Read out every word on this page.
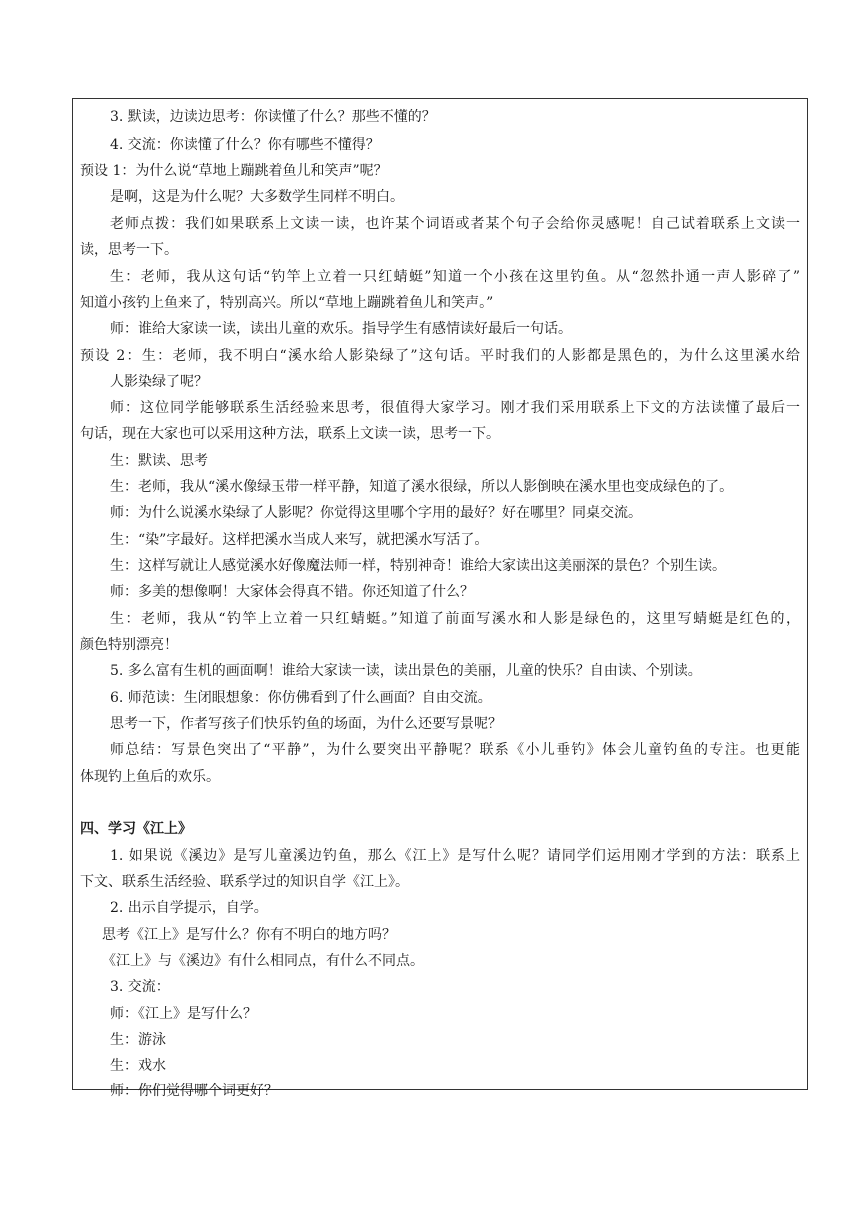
3. 默读，边读边思考：你读懂了什么？那些不懂的？
4. 交流：你读懂了什么？你有哪些不懂得？
预设 1：为什么说“草地上蹦跳着鱼儿和笑声”呢？
是啊，这是为什么呢？大多数学生同样不明白。
老师点拨：我们如果联系上文读一读，也许某个词语或者某个句子会给你灵感呢！自己试着联系上文读一
读，思考一下。
生：老师，我从这句话“钓竿上立着一只红蜻蜓”知道一个小孩在这里钓鱼。从“忽然扑通一声人影碎了”
知道小孩钓上鱼来了，特别高兴。所以“草地上蹦跳着鱼儿和笑声。”
师：谁给大家读一读，读出儿童的欢乐。指导学生有感情读好最后一句话。
预设 2：生：老师，我不明白“溪水给人影染绿了”这句话。平时我们的人影都是黑色的，为什么这里溪水给
人影染绿了呢？
师：这位同学能够联系生活经验来思考，很值得大家学习。刚才我们采用联系上下文的方法读懂了最后一
句话，现在大家也可以采用这种方法，联系上文读一读，思考一下。
生：默读、思考
生：老师，我从“溪水像绿玉带一样平静，知道了溪水很绿，所以人影倒映在溪水里也变成绿色的了。
师：为什么说溪水染绿了人影呢？你觉得这里哪个字用的最好？好在哪里？同桌交流。
生：“染”字最好。这样把溪水当成人来写，就把溪水写活了。
生：这样写就让人感觉溪水好像魔法师一样，特别神奇！谁给大家读出这美丽深的景色？个别生读。
师：多美的想像啊！大家体会得真不错。你还知道了什么？
生：老师，我从“钓竿上立着一只红蜻蜓。”知道了前面写溪水和人影是绿色的，这里写蜻蜓是红色的，
颜色特别漂亮！
5. 多么富有生机的画面啊！谁给大家读一读，读出景色的美丽，儿童的快乐？自由读、个别读。
6. 师范读：生闭眼想象：你仿佛看到了什么画面？自由交流。
思考一下，作者写孩子们快乐钓鱼的场面，为什么还要写景呢？
师总结：写景色突出了“平静”，为什么要突出平静呢？联系《小儿垂钓》体会儿童钓鱼的专注。也更能
体现钓上鱼后的欢乐。
四、学习《江上》
1. 如果说《溪边》是写儿童溪边钓鱼，那么《江上》是写什么呢？请同学们运用刚才学到的方法：联系上
下文、联系生活经验、联系学过的知识自学《江上》。
2. 出示自学提示，自学。
思考《江上》是写什么？你有不明白的地方吗？
《江上》与《溪边》有什么相同点，有什么不同点。
3. 交流：
师：《江上》是写什么？
生：游泳
生：戏水
师：你们觉得哪个词更好？
